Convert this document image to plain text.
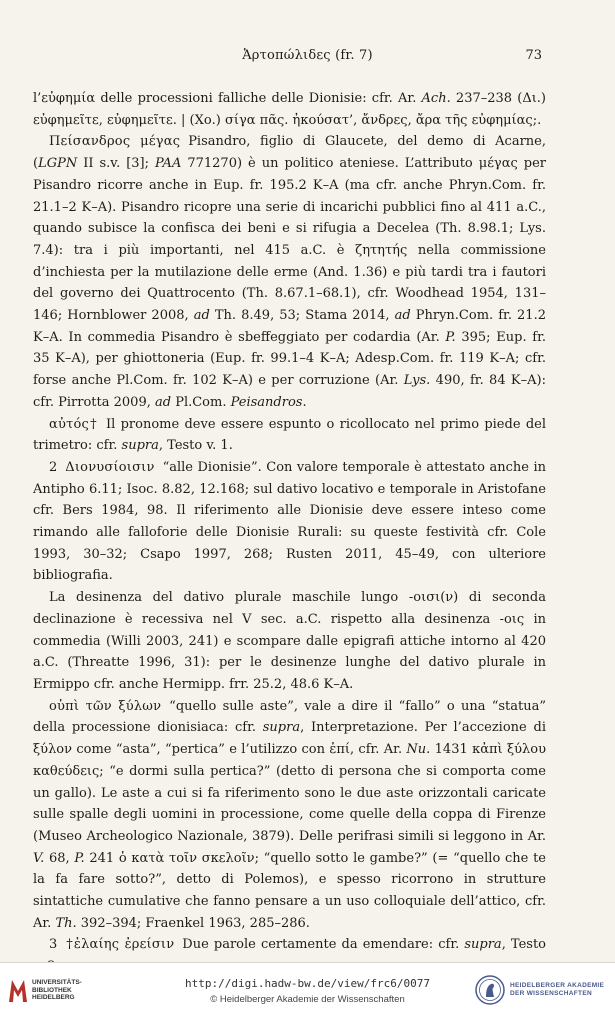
Ἀρτοπώλιδες (fr. 7)	73

l’εὐφημία delle processioni falliche delle Dionisie: cfr. Ar. Ach. 237–238 (Δι.) εὐφημεῖτε, εὐφημεῖτε. | (Χο.) σίγα πᾶς. ἠκούσατ’, ἄνδρες, ἄρα τῆς εὐφημίας;.

Πείσανδρος μέγας Pisandro, figlio di Glaucete, del demo di Acarne, (LGPN II s.v. [3]; PAA 771270) è un politico ateniese. L’attributo μέγας per Pisandro ricorre anche in Eup. fr. 195.2 K–A (ma cfr. anche Phryn.Com. fr. 21.1–2 K–A). Pisandro ricopre una serie di incarichi pubblici fino al 411 a.C., quando subisce la confisca dei beni e si rifugia a Decelea (Th. 8.98.1; Lys. 7.4): tra i più importanti, nel 415 a.C. è ζητητής nella commissione d’inchiesta per la mutilazione delle erme (And. 1.36) e più tardi tra i fautori del governo dei Quattrocento (Th. 8.67.1–68.1), cfr. Woodhead 1954, 131–146; Hornblower 2008, ad Th. 8.49, 53; Stama 2014, ad Phryn.Com. fr. 21.2 K–A. In commedia Pisandro è sbeffeggiato per codardia (Ar. P. 395; Eup. fr. 35 K–A), per ghiottoneria (Eup. fr. 99.1–4 K–A; Adesp.Com. fr. 119 K–A; cfr. forse anche Pl.Com. fr. 102 K–A) e per corruzione (Ar. Lys. 490, fr. 84 K–A): cfr. Pirrotta 2009, ad Pl.Com. Peisandros.

αὐτός† Il pronome deve essere espunto o ricollocato nel primo piede del trimetro: cfr. supra, Testo v. 1.

2 Διονυσίοισιν “alle Dionisie”. Con valore temporale è attestato anche in Antipho 6.11; Isoc. 8.82, 12.168; sul dativo locativo e temporale in Aristofane cfr. Bers 1984, 98. Il riferimento alle Dionisie deve essere inteso come rimando alle falloforie delle Dionisie Rurali: su queste festività cfr. Cole 1993, 30–32; Csapo 1997, 268; Rusten 2011, 45–49, con ulteriore bibliografia.

La desinenza del dativo plurale maschile lungo -οισι(ν) di seconda declinazione è recessiva nel V sec. a.C. rispetto alla desinenza -οις in commedia (Willi 2003, 241) e scompare dalle epigrafi attiche intorno al 420 a.C. (Threatte 1996, 31): per le desinenze lunghe del dativo plurale in Ermippo cfr. anche Hermipp. frr. 25.2, 48.6 K–A.

οὑπὶ τῶν ξύλων “quello sulle aste”, vale a dire il “fallo” o una “statua” della processione dionisiaca: cfr. supra, Interpretazione. Per l’accezione di ξύλον come “asta”, “pertica” e l’utilizzo con ἐπί, cfr. Ar. Nu. 1431 κἀπὶ ξύλου καθεύδεις; “e dormi sulla pertica?” (detto di persona che si comporta come un gallo). Le aste a cui si fa riferimento sono le due aste orizzontali caricate sulle spalle degli uomini in processione, come quelle della coppa di Firenze (Museo Archeologico Nazionale, 3879). Delle perifrasi simili si leggono in Ar. V. 68, P. 241 ὁ κατὰ τοῖν σκελοῖν; “quello sotto le gambe?” (= “quello che te la fa fare sotto?”, detto di Polemos), e spesso ricorrono in strutture sintattiche cumulative che fanno pensare a un uso colloquiale dell’attico, cfr. Ar. Th. 392–394; Fraenkel 1963, 285–286.

3 †ἐλαίης ἐρείσιν Due parole certamente da emendare: cfr. supra, Testo

UNIVERSITÄTS-
BIBLIOTHEK
HEIDELBERG
http://digi.hadw-bw.de/view/frc6/0077
© Heidelberger Akademie der Wissenschaften
HEIDELBERGER AKADEMIE
DER WISSENSCHAFTEN
